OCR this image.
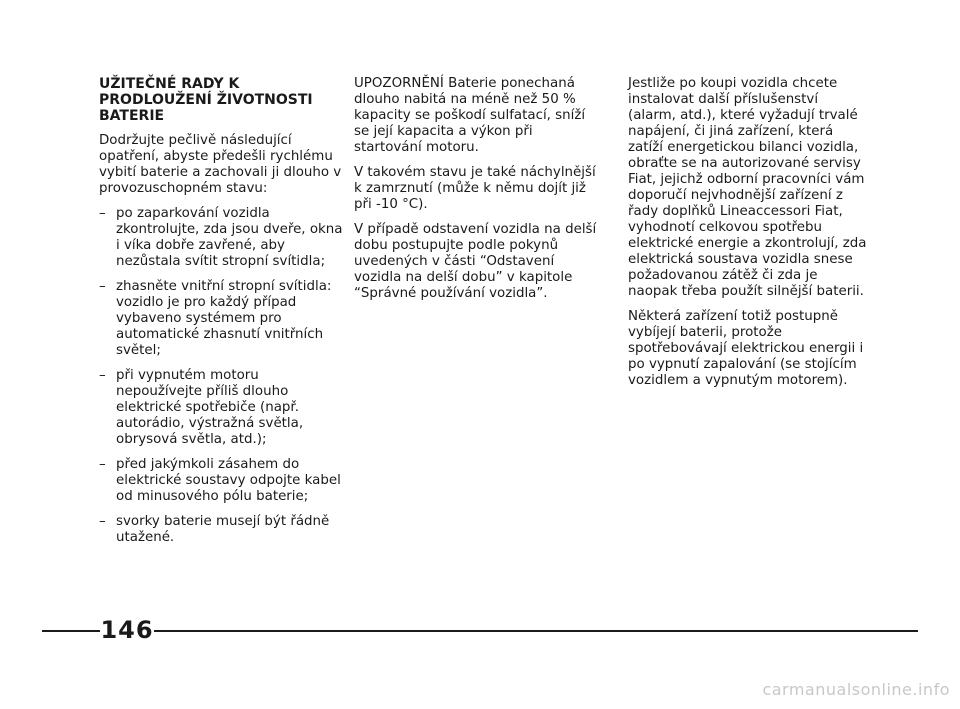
UŽITEČNÉ RADY K
PRODLOUŽENÍ ŽIVOTNOSTI
BATERIE

Dodržujte pečlivě následující opatření, abyste předešli rychlému vybití baterie a zachovali ji dlouho v provozuschopném stavu:

– po zaparkování vozidla zkontrolujte, zda jsou dveře, okna i víka dobře zavřené, aby nezůstala svítit stropní svítidla;
– zhasněte vnitřní stropní svítidla: vozidlo je pro každý případ vybaveno systémem pro automatické zhasnutí vnitřních světel;
– při vypnutém motoru nepoužívejte příliš dlouho elektrické spotřebiče (např. autorádio, výstražná světla, obrysová světla, atd.);
– před jakýmkoli zásahem do elektrické soustavy odpojte kabel od minusového pólu baterie;
– svorky baterie musejí být řádně utažené.

UPOZORNĚNÍ Baterie ponechaná dlouho nabitá na méně než 50 % kapacity se poškodí sulfatací, sníží se její kapacita a výkon při startování motoru.

V takovém stavu je také náchylnější k zamrznutí (může k němu dojít již při -10 °C).

V případě odstavení vozidla na delší dobu postupujte podle pokynů uvedených v části “Odstavení vozidla na delší dobu” v kapitole “Správné používání vozidla”.

Jestliže po koupi vozidla chcete instalovat další příslušenství (alarm, atd.), které vyžadují trvalé napájení, či jiná zařízení, která zatíží energetickou bilanci vozidla, obraťte se na autorizované servisy Fiat, jejichž odborní pracovníci vám doporučí nejvhodnější zařízení z řady doplňků Lineaccessori Fiat, vyhodnotí celkovou spotřebu elektrické energie a zkontrolují, zda elektrická soustava vozidla snese požadovanou zátěž či zda je naopak třeba použít silnější baterii.

Některá zařízení totiž postupně vybíjejí baterii, protože spotřebovávají elektrickou energii i po vypnutí zapalování (se stojícím vozidlem a vypnutým motorem).

146
carmanualsonline.info
